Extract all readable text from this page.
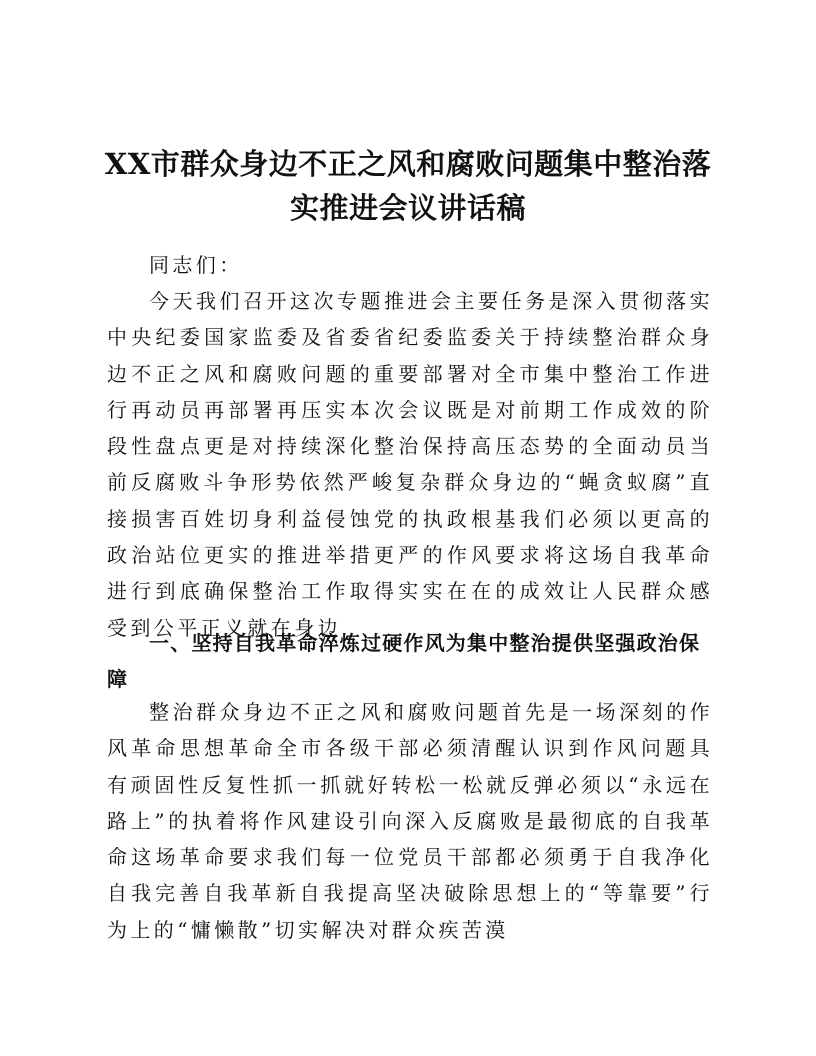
XX市群众身边不正之风和腐败问题集中整治落实推进会议讲话稿
同志们：
今天我们召开这次专题推进会主要任务是深入贯彻落实中央纪委国家监委及省委省纪委监委关于持续整治群众身边不正之风和腐败问题的重要部署对全市集中整治工作进行再动员再部署再压实本次会议既是对前期工作成效的阶段性盘点更是对持续深化整治保持高压态势的全面动员当前反腐败斗争形势依然严峻复杂群众身边的“蝇贪蚁腐”直接损害百姓切身利益侵蚀党的执政根基我们必须以更高的政治站位更实的推进举措更严的作风要求将这场自我革命进行到底确保整治工作取得实实在在的成效让人民群众感受到公平正义就在身边
一、坚持自我革命淬炼过硬作风为集中整治提供坚强政治保障
整治群众身边不正之风和腐败问题首先是一场深刻的作风革命思想革命全市各级干部必须清醒认识到作风问题具有顽固性反复性抓一抓就好转松一松就反弹必须以“永远在路上”的执着将作风建设引向深入反腐败是最彻底的自我革命这场革命要求我们每一位党员干部都必须勇于自我净化自我完善自我革新自我提高坚决破除思想上的“等靠要”行为上的“慵懒散”切实解决对群众疾苦漠
